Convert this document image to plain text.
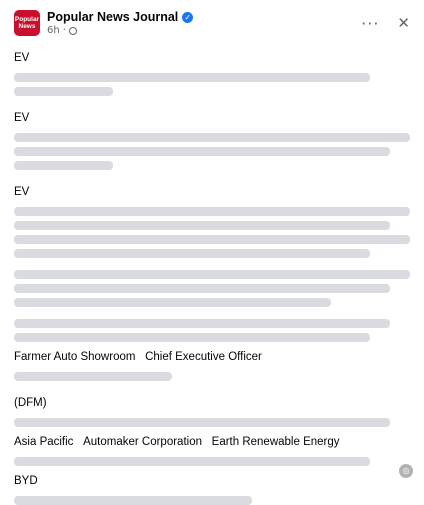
Popular News
Popular News Journal ✓
6h ·	··· ✕
EV
EV
EV
Farmer Auto Showroom Chief Executive Officer
(DFM)
Asia Pacific Automaker Corporation Earth Renewable Energy
BYD
◎
